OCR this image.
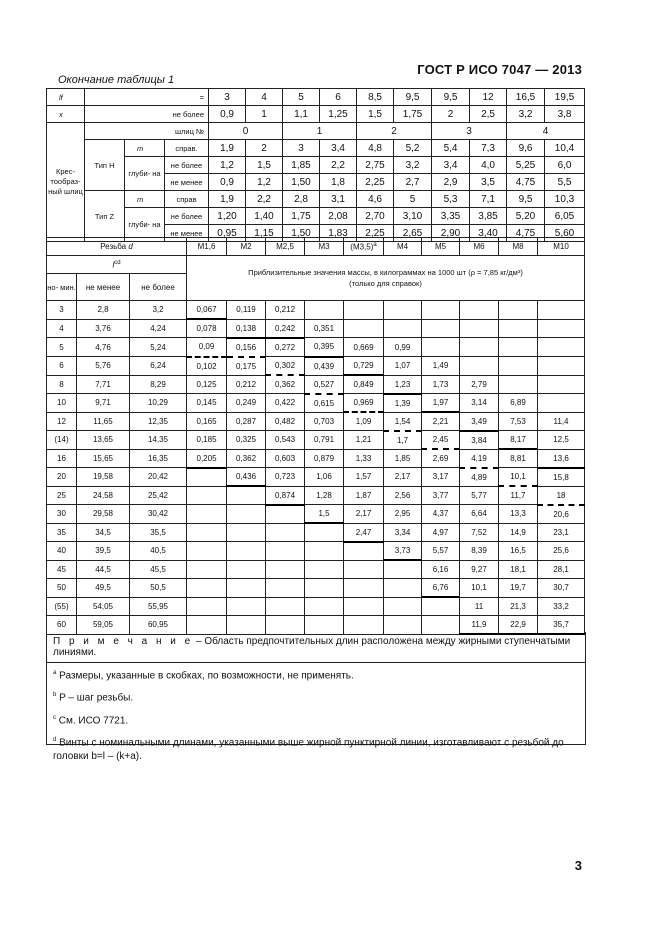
ГОСТ Р ИСО 7047 — 2013
Окончание таблицы 1
lf	=			3	4	5	6	8,5	9,5	9,5	12	16,5	19,5
x	не более			0,9	1	1,1	1,25	1,5	1,75	2	2,5	3,2	3,8
Крес- тообраз- ный шлиц	шлиц №			0		1		2		3		4	
	Тип H	m	справ.	1,9	2	3	3,4	4,8	5,2	5,4	7,3	9,6	10,4
		глуби- на	не более	1,2	1,5	1,85	2,2	2,75	3,2	3,4	4,0	5,25	6,0
			не менее	0,9	1,2	1,50	1,8	2,25	2,7	2,9	3,5	4,75	5,5
	Тип Z	m	справ	1,9	2,2	2,8	3,1	4,6	5	5,3	7,1	9,5	10,3
		глуби- на	не более	1,20	1,40	1,75	2,08	2,70	3,10	3,35	3,85	5,20	6,05
			не менее	0,95	1,15	1,50	1,83	2,25	2,65	2,90	3,40	4,75	5,60
Резьба d			M1,6	M2	M2,5	M3	$(M3,5)^a$	M4	M5	M6	M8	M10
$l^{cd}$			Приблизительные значения массы, в килограммах на 1000 шт (ρ = 7,85 кг/дм³)
(только для справок)									

но- мин.	не менее	не более										
3	2,8	3,2	0,067	0,119	0,212							
4	3,76	4,24	0,078	0,138	0,242	0,351						
5	4,76	5,24	0,09	0,156	0,272	0,395	0,669	0,99				
6	5,76	6,24	0,102	0,175	0,302	0,439	0,729	1,07	1,49			
8	7,71	8,29	0,125	0,212	0,362	0,527	0,849	1,23	1,73	2,79		
10	9,71	10,29	0,145	0,249	0,422	0,615	0,969	1,39	1,97	3,14	6,89	
12	11,65	12,35	0,165	0,287	0,482	0,703	1,09	1,54	2,21	3,49	7,53	11,4
(14)	13,65	14,35	0,185	0,325	0,543	0,791	1,21	1,7	2,45	3,84	8,17	12,5
16	15,65	16,35	0,205	0,362	0,603	0,879	1,33	1,85	2,69	4,19	8,81	13,6
20	19,58	20,42		0,436	0,723	1,06	1,57	2,17	3,17	4,89	10,1	15,8
25	24,58	25,42			0,874	1,28	1,87	2,56	3,77	5,77	11,7	18
30	29,58	30,42				1,5	2,17	2,95	4,37	6,64	13,3	20,6
35	34,5	35,5					2,47	3,34	4,97	7,52	14,9	23,1
40	39,5	40,5						3,73	5,57	8,39	16,5	25,6
45	44,5	45,5							6,16	9,27	18,1	28,1
50	49,5	50,5							6,76	10,1	19,7	30,7
(55)	54,05	55,95								11	21,3	33,2
60	59,05	60,95								11,9	22,9	35,7
П р и м е ч а н и е – Область предпочтительных длин расположена между жирными ступенчатыми линиями.
$^a$ Размеры, указанные в скобках, по возможности, не применять.
$^b$ P – шаг резьбы.
$^c$ См. ИСО 7721.
$^d$ Винты с номинальными длинами, указанными выше жирной пунктирной линии, изготавливают с резьбой до головки b=l – (k+a).
3
